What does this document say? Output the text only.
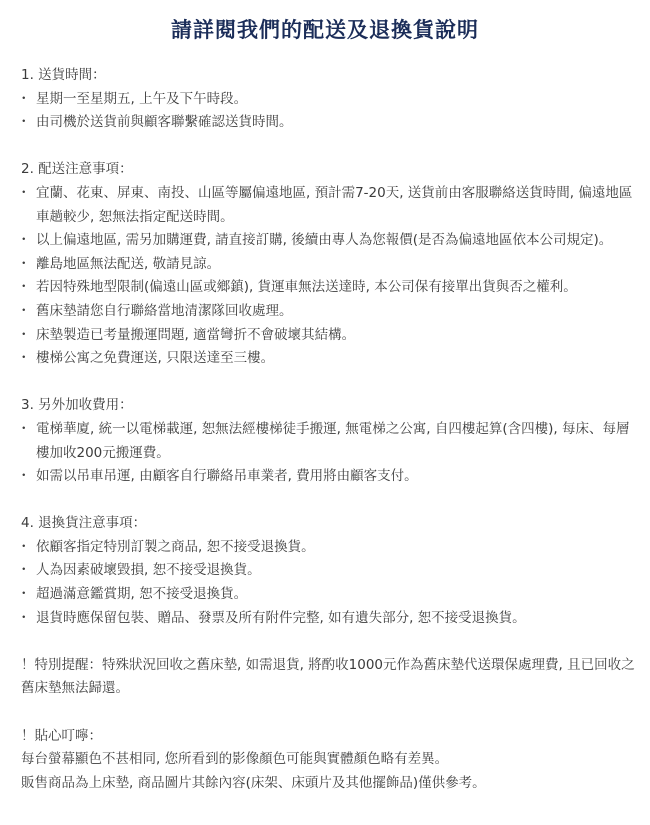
請詳閱我們的配送及退換貨說明

1. 送貨時間：

・ 星期一至星期五, 上午及下午時段。

・ 由司機於送貨前與顧客聯繫確認送貨時間。

2. 配送注意事項：

・ 宜蘭、花東、屏東、南投、山區等屬偏遠地區, 預計需7-20天, 送貨前由客服聯絡送貨時間, 偏遠地區車趟較少, 恕無法指定配送時間。

・ 以上偏遠地區, 需另加購運費, 請直接訂購, 後續由專人為您報價(是否為偏遠地區依本公司規定)。

・ 離島地區無法配送, 敬請見諒。

・ 若因特殊地型限制(偏遠山區或鄉鎮), 貨運車無法送達時, 本公司保有接單出貨與否之權利。

・ 舊床墊請您自行聯絡當地清潔隊回收處理。

・ 床墊製造已考量搬運問題, 適當彎折不會破壞其結構。

・ 樓梯公寓之免費運送, 只限送達至三樓。

3. 另外加收費用：

・ 電梯華廈, 統一以電梯載運, 恕無法經樓梯徒手搬運, 無電梯之公寓, 自四樓起算(含四樓), 每床、每層樓加收200元搬運費。

・ 如需以吊車吊運, 由顧客自行聯絡吊車業者, 費用將由顧客支付。

4. 退換貨注意事項：

・ 依顧客指定特別訂製之商品, 恕不接受退換貨。

・ 人為因素破壞毀損, 恕不接受退換貨。

・ 超過滿意鑑賞期, 恕不接受退換貨。

・ 退貨時應保留包裝、贈品、發票及所有附件完整, 如有遺失部分, 恕不接受退換貨。

！特別提醒：特殊狀況回收之舊床墊, 如需退貨, 將酌收1000元作為舊床墊代送環保處理費, 且已回收之舊床墊無法歸還。

！貼心叮嚀：

每台螢幕顯色不甚相同, 您所看到的影像顏色可能與實體顏色略有差異。

販售商品為上床墊, 商品圖片其餘內容(床架、床頭片及其他擺飾品)僅供參考。
